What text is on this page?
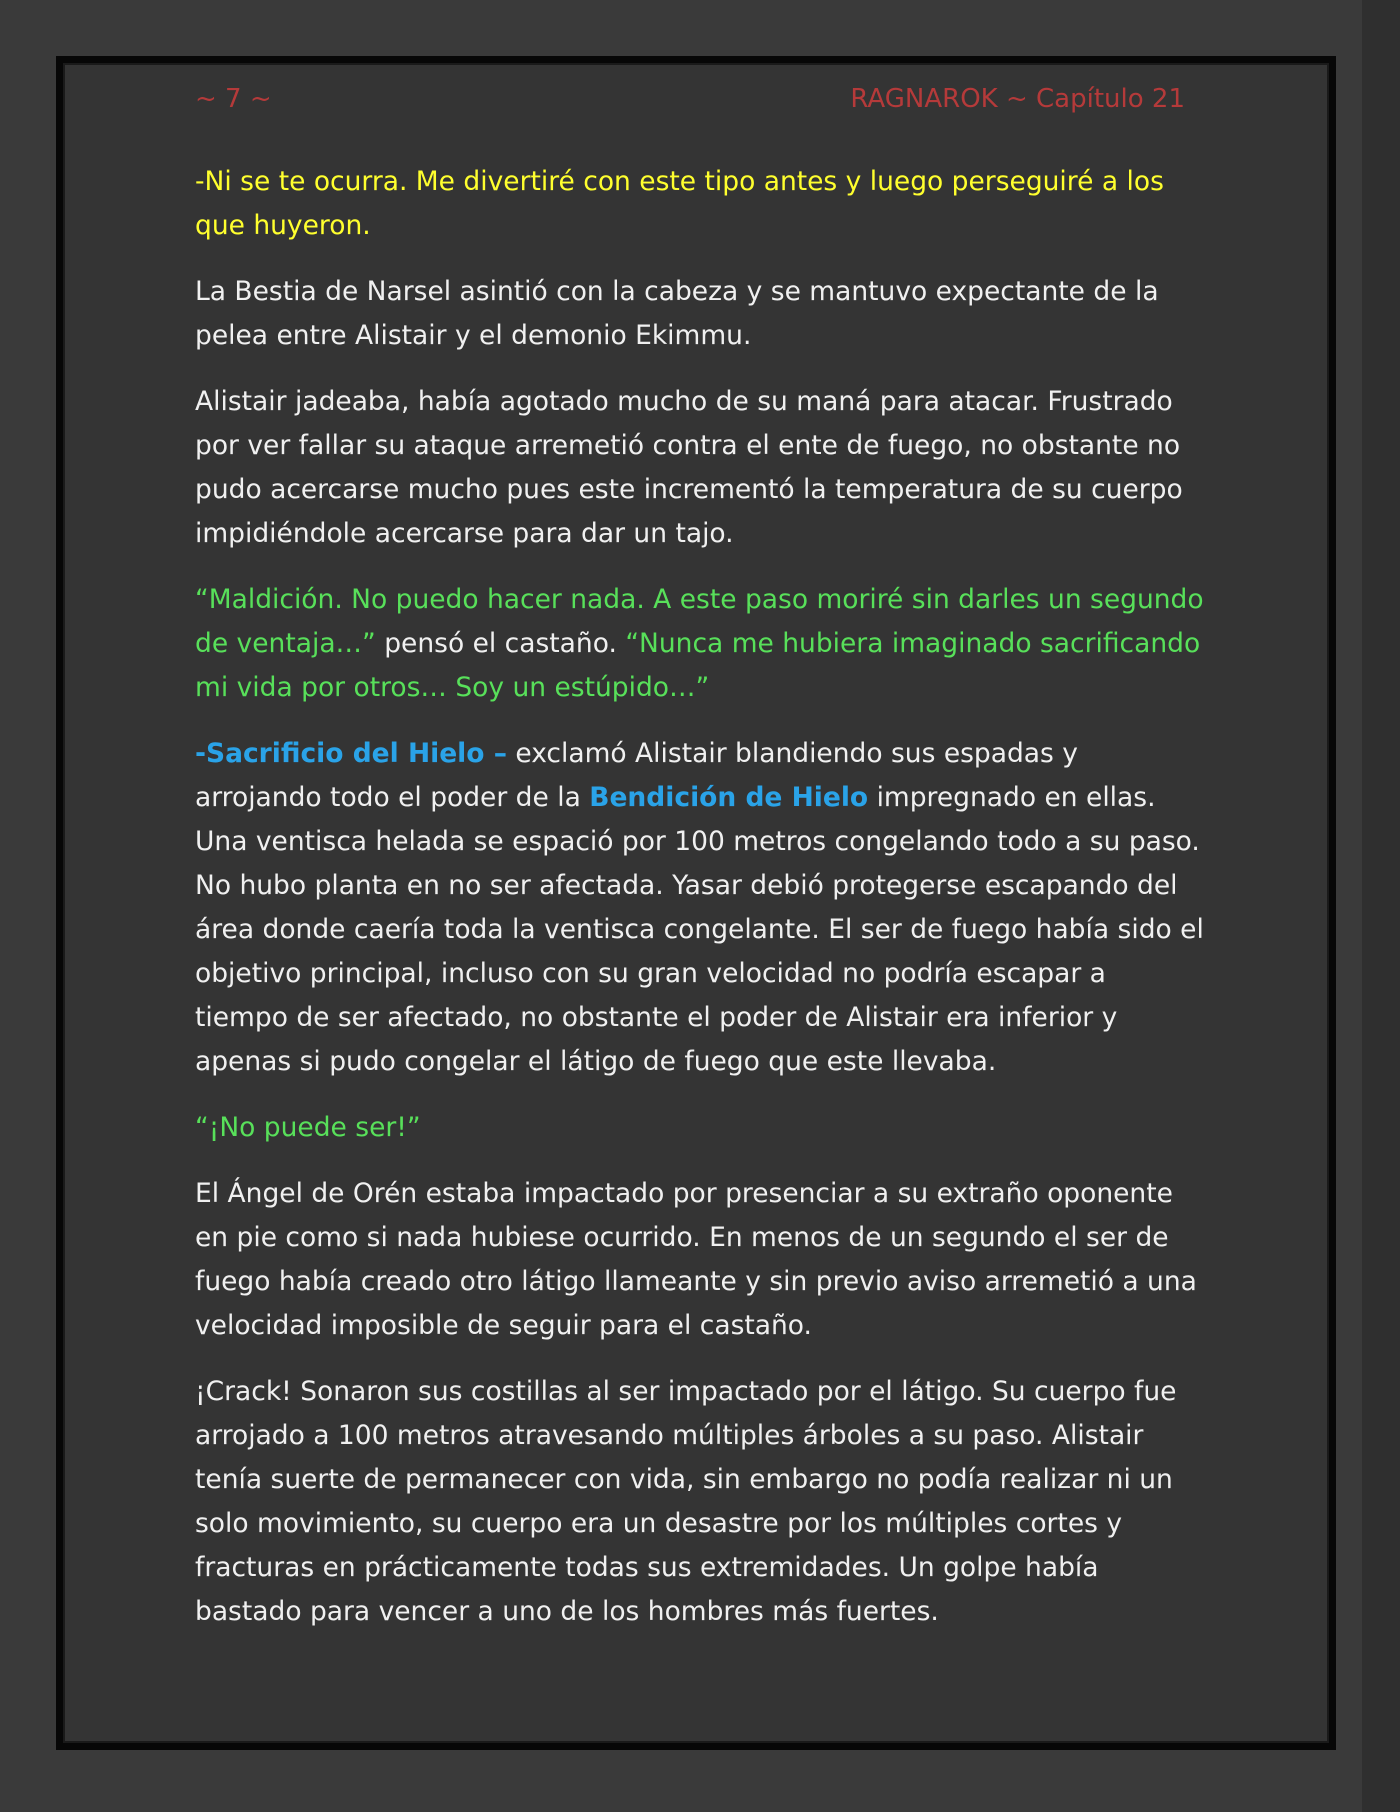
~ 7 ~	RAGNAROK ~ Capítulo 21

-Ni se te ocurra. Me divertiré con este tipo antes y luego perseguiré a los que huyeron.

La Bestia de Narsel asintió con la cabeza y se mantuvo expectante de la pelea entre Alistair y el demonio Ekimmu.

Alistair jadeaba, había agotado mucho de su maná para atacar. Frustrado por ver fallar su ataque arremetió contra el ente de fuego, no obstante no pudo acercarse mucho pues este incrementó la temperatura de su cuerpo impidiéndole acercarse para dar un tajo.

“Maldición. No puedo hacer nada. A este paso moriré sin darles un segundo de ventaja…” pensó el castaño. “Nunca me hubiera imaginado sacrificando mi vida por otros… Soy un estúpido…”

-Sacrificio del Hielo – exclamó Alistair blandiendo sus espadas y arrojando todo el poder de la Bendición de Hielo impregnado en ellas. Una ventisca helada se espació por 100 metros congelando todo a su paso. No hubo planta en no ser afectada. Yasar debió protegerse escapando del área donde caería toda la ventisca congelante. El ser de fuego había sido el objetivo principal, incluso con su gran velocidad no podría escapar a tiempo de ser afectado, no obstante el poder de Alistair era inferior y apenas si pudo congelar el látigo de fuego que este llevaba.

“¡No puede ser!”

El Ángel de Orén estaba impactado por presenciar a su extraño oponente en pie como si nada hubiese ocurrido. En menos de un segundo el ser de fuego había creado otro látigo llameante y sin previo aviso arremetió a una velocidad imposible de seguir para el castaño.

¡Crack! Sonaron sus costillas al ser impactado por el látigo. Su cuerpo fue arrojado a 100 metros atravesando múltiples árboles a su paso. Alistair tenía suerte de permanecer con vida, sin embargo no podía realizar ni un solo movimiento, su cuerpo era un desastre por los múltiples cortes y fracturas en prácticamente todas sus extremidades. Un golpe había bastado para vencer a uno de los hombres más fuertes.
